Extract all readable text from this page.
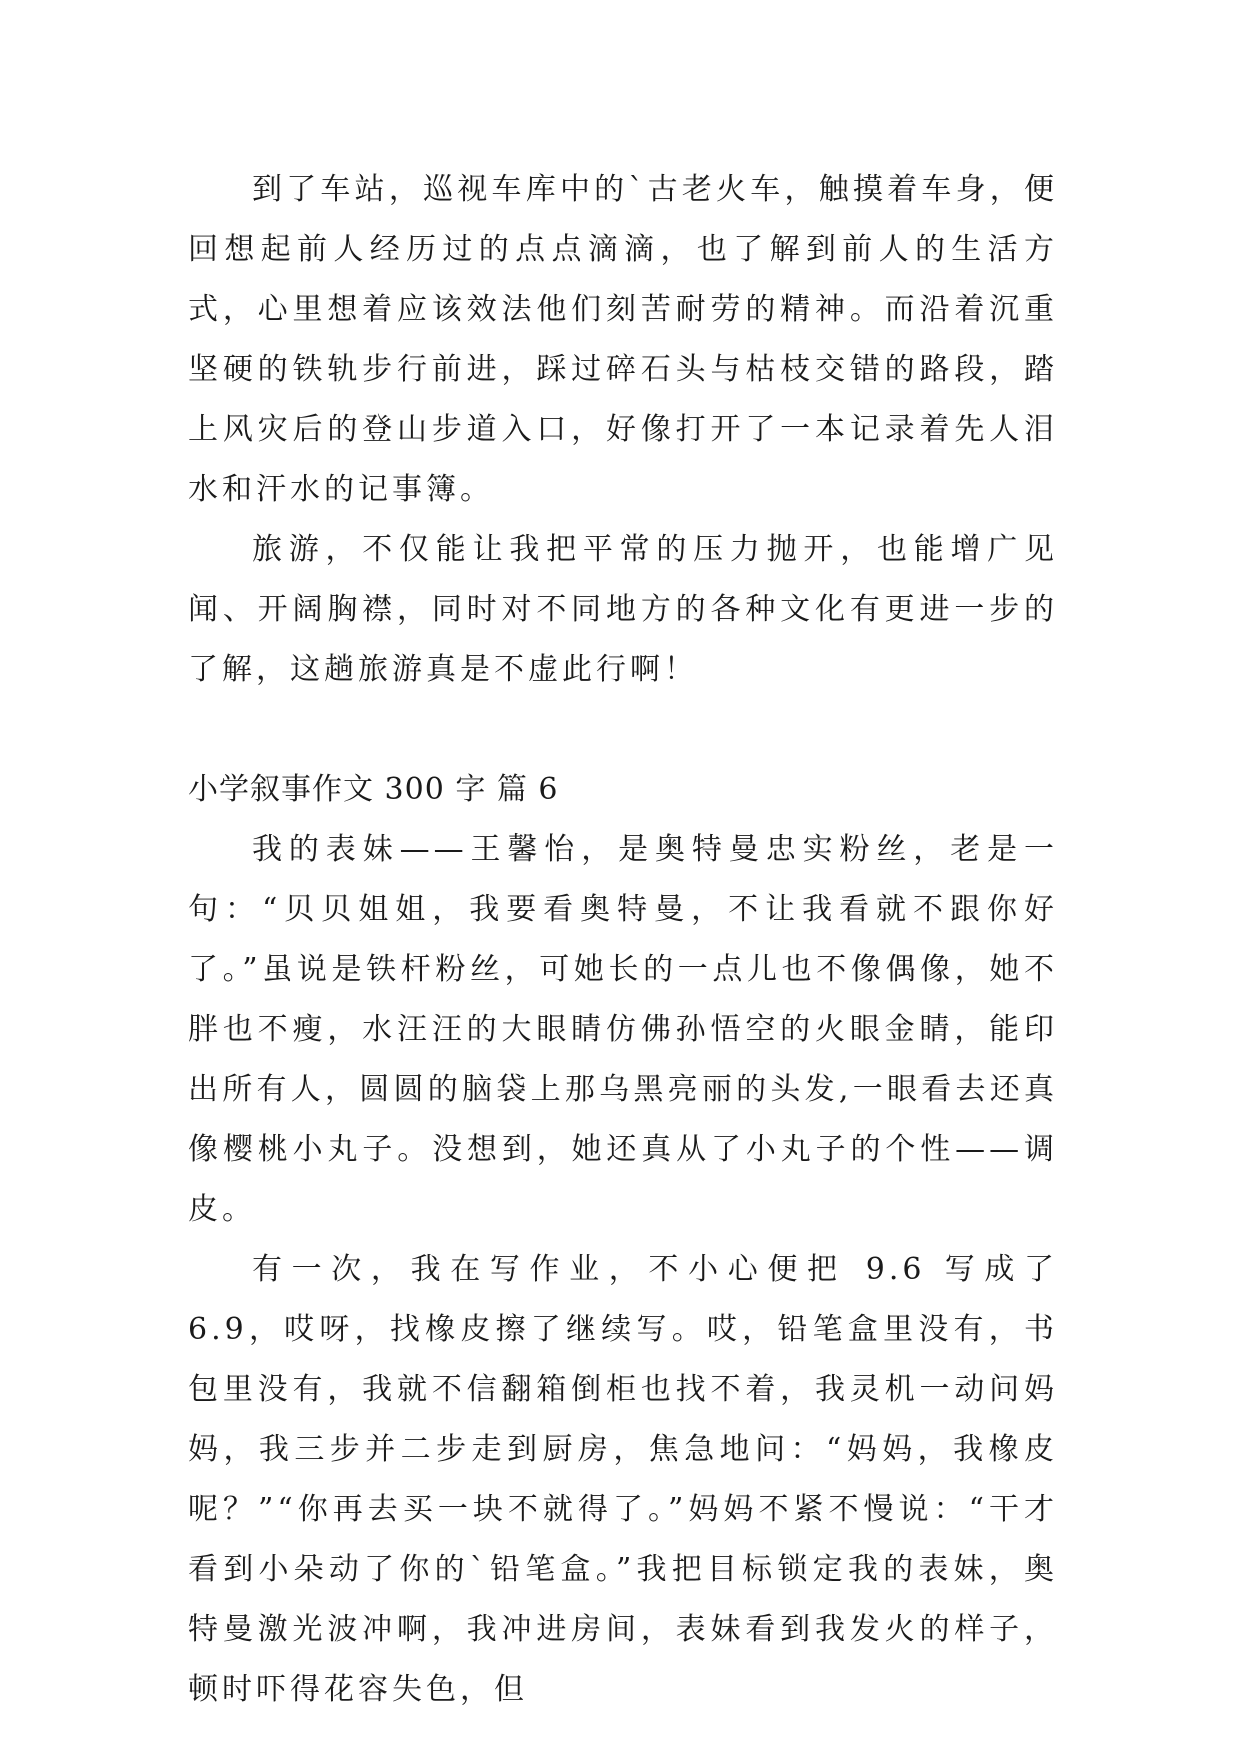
到了车站，巡视车库中的`古老火车，触摸着车身，便回想起前人经历过的点点滴滴，也了解到前人的生活方式，心里想着应该效法他们刻苦耐劳的精神。而沿着沉重坚硬的铁轨步行前进，踩过碎石头与枯枝交错的路段，踏上风灾后的登山步道入口，好像打开了一本记录着先人泪水和汗水的记事簿。

旅游，不仅能让我把平常的压力抛开，也能增广见闻、开阔胸襟，同时对不同地方的各种文化有更进一步的了解，这趟旅游真是不虚此行啊！

小学叙事作文 300 字 篇 6

我的表妹——王馨怡，是奥特曼忠实粉丝，老是一句：“贝贝姐姐，我要看奥特曼，不让我看就不跟你好了。”虽说是铁杆粉丝，可她长的一点儿也不像偶像，她不胖也不瘦，水汪汪的大眼睛仿佛孙悟空的火眼金睛，能印出所有人，圆圆的脑袋上那乌黑亮丽的头发,一眼看去还真像樱桃小丸子。没想到，她还真从了小丸子的个性——调皮。

有一次，我在写作业，不小心便把 9.6 写成了 6.9，哎呀，找橡皮擦了继续写。哎，铅笔盒里没有，书包里没有，我就不信翻箱倒柜也找不着，我灵机一动问妈妈，我三步并二步走到厨房，焦急地问：“妈妈，我橡皮呢？”“你再去买一块不就得了。”妈妈不紧不慢说：“干才看到小朵动了你的`铅笔盒。”我把目标锁定我的表妹，奥特曼激光波冲啊，我冲进房间，表妹看到我发火的样子，顿时吓得花容失色，但
